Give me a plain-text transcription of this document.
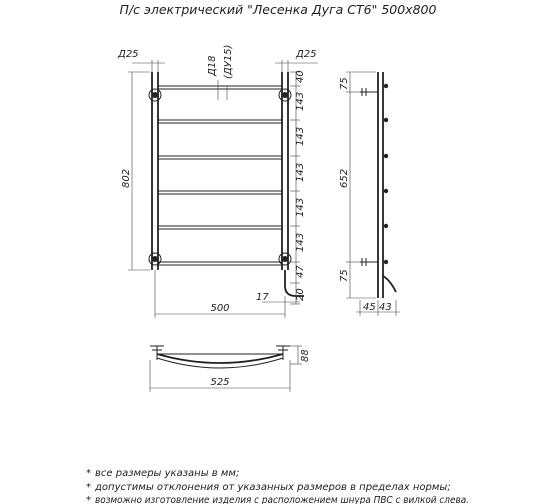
П/с электрический "Лесенка Дуга СТ6" 500х800
Д25	Д25
Д18 (ДУ15)
802
500
17
40
143
143
143
143
143
47
20
75
652
75
45 43
88
525
* все размеры указаны в мм;
* допустимы отклонения от указанных размеров в пределах нормы;
* возможно изготовление изделия с расположением шнура ПВС с вилкой слева.
